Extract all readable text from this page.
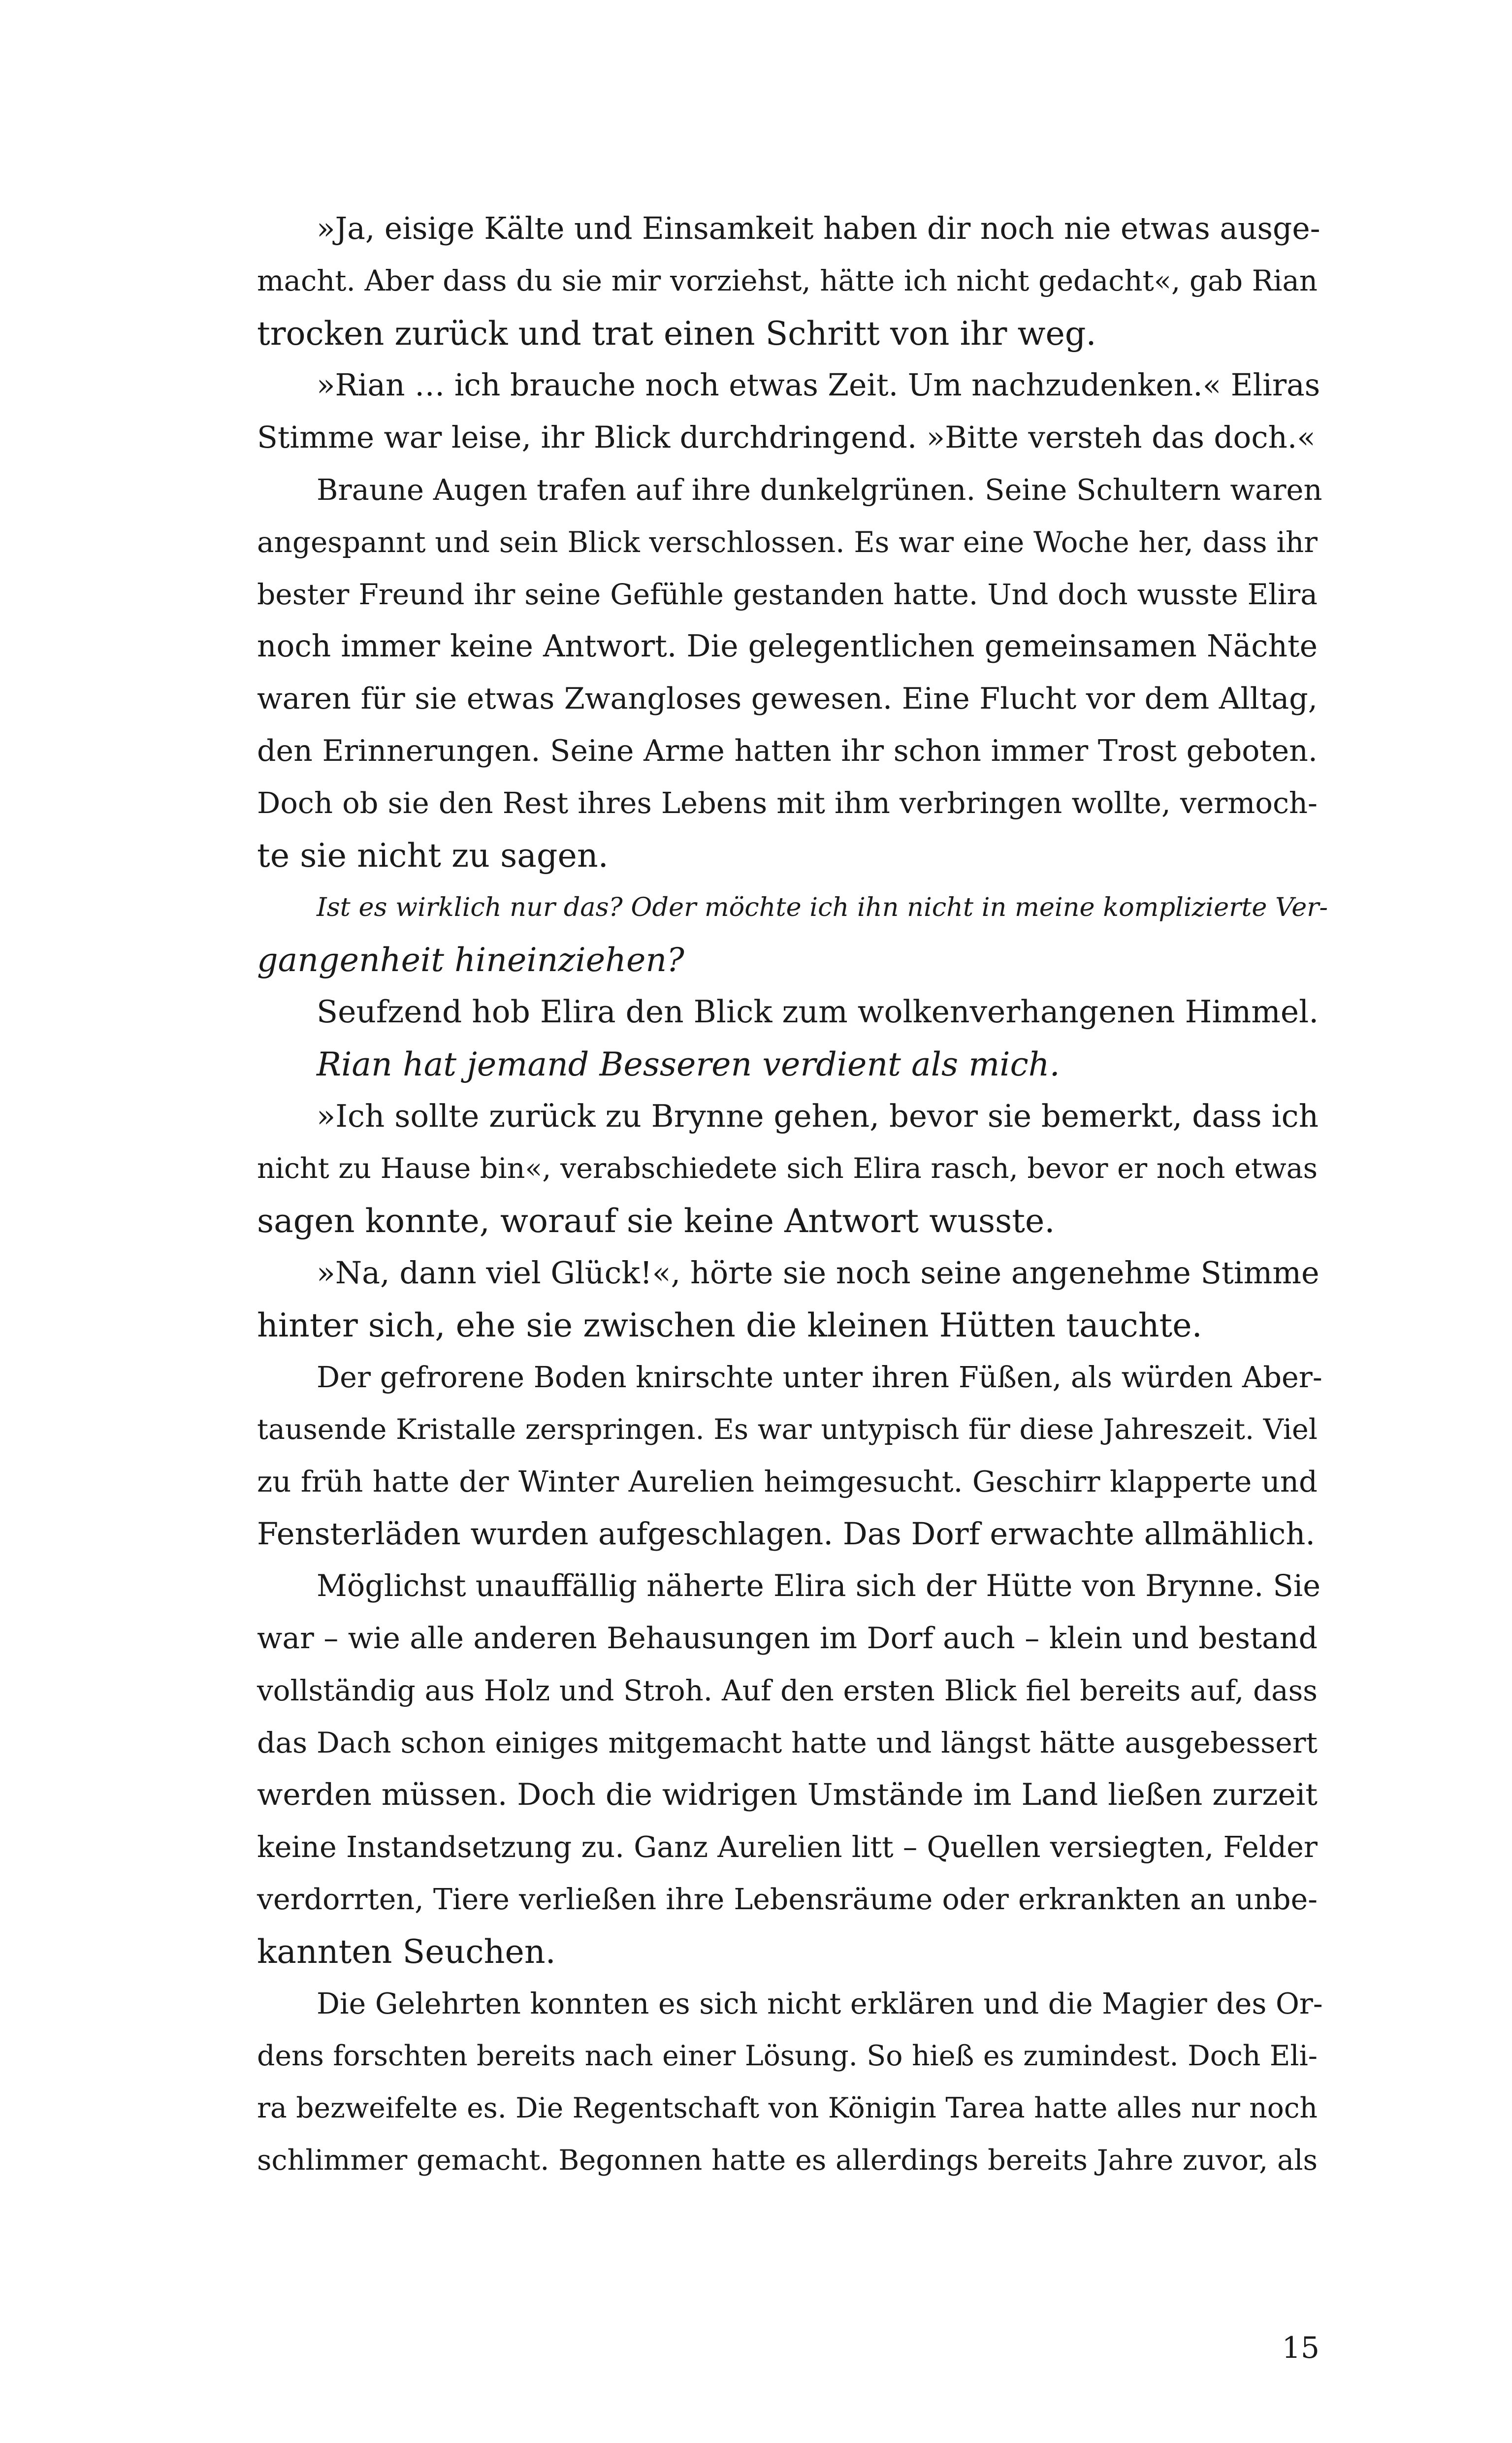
»Ja, eisige Kälte und Einsamkeit haben dir noch nie etwas ausge-
macht. Aber dass du sie mir vorziehst, hätte ich nicht gedacht«, gab Rian
trocken zurück und trat einen Schritt von ihr weg.
»Rian … ich brauche noch etwas Zeit. Um nachzudenken.« Eliras
Stimme war leise, ihr Blick durchdringend. »Bitte versteh das doch.«
Braune Augen trafen auf ihre dunkelgrünen. Seine Schultern waren
angespannt und sein Blick verschlossen. Es war eine Woche her, dass ihr
bester Freund ihr seine Gefühle gestanden hatte. Und doch wusste Elira
noch immer keine Antwort. Die gelegentlichen gemeinsamen Nächte
waren für sie etwas Zwangloses gewesen. Eine Flucht vor dem Alltag,
den Erinnerungen. Seine Arme hatten ihr schon immer Trost geboten.
Doch ob sie den Rest ihres Lebens mit ihm verbringen wollte, vermoch-
te sie nicht zu sagen.
Ist es wirklich nur das? Oder möchte ich ihn nicht in meine komplizierte Ver-
gangenheit hineinziehen?
Seufzend hob Elira den Blick zum wolkenverhangenen Himmel.
Rian hat jemand Besseren verdient als mich.
»Ich sollte zurück zu Brynne gehen, bevor sie bemerkt, dass ich
nicht zu Hause bin«, verabschiedete sich Elira rasch, bevor er noch etwas
sagen konnte, worauf sie keine Antwort wusste.
»Na, dann viel Glück!«, hörte sie noch seine angenehme Stimme
hinter sich, ehe sie zwischen die kleinen Hütten tauchte.
Der gefrorene Boden knirschte unter ihren Füßen, als würden Aber-
tausende Kristalle zerspringen. Es war untypisch für diese Jahreszeit. Viel
zu früh hatte der Winter Aurelien heimgesucht. Geschirr klapperte und
Fensterläden wurden aufgeschlagen. Das Dorf erwachte allmählich.
Möglichst unauffällig näherte Elira sich der Hütte von Brynne. Sie
war – wie alle anderen Behausungen im Dorf auch – klein und bestand
vollständig aus Holz und Stroh. Auf den ersten Blick fiel bereits auf, dass
das Dach schon einiges mitgemacht hatte und längst hätte ausgebessert
werden müssen. Doch die widrigen Umstände im Land ließen zurzeit
keine Instandsetzung zu. Ganz Aurelien litt – Quellen versiegten, Felder
verdorrten, Tiere verließen ihre Lebensräume oder erkrankten an unbe-
kannten Seuchen.
Die Gelehrten konnten es sich nicht erklären und die Magier des Or-
dens forschten bereits nach einer Lösung. So hieß es zumindest. Doch Eli-
ra bezweifelte es. Die Regentschaft von Königin Tarea hatte alles nur noch
schlimmer gemacht. Begonnen hatte es allerdings bereits Jahre zuvor, als
15
